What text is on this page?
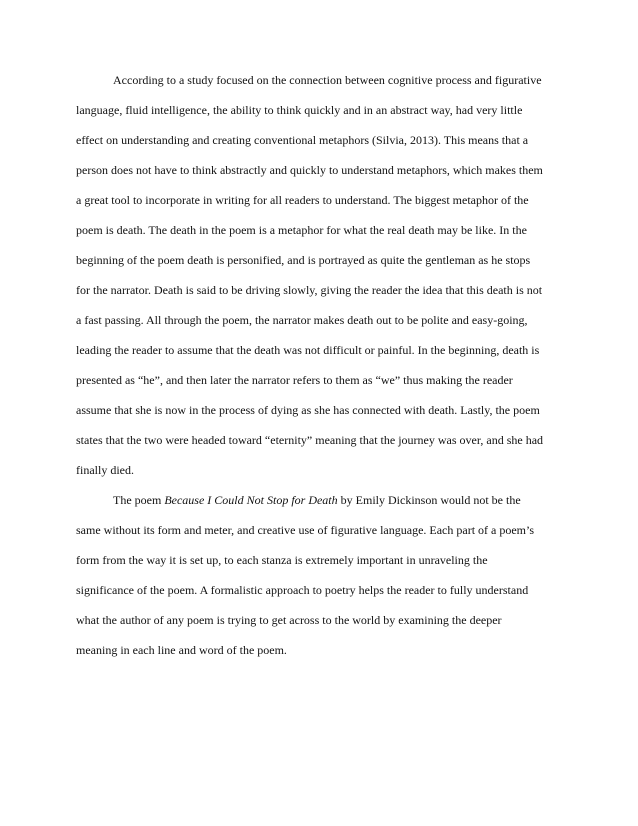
According to a study focused on the connection between cognitive process and figurative
language, fluid intelligence, the ability to think quickly and in an abstract way, had very little
effect on understanding and creating conventional metaphors (Silvia, 2013). This means that a
person does not have to think abstractly and quickly to understand metaphors, which makes them
a great tool to incorporate in writing for all readers to understand. The biggest metaphor of the
poem is death. The death in the poem is a metaphor for what the real death may be like. In the
beginning of the poem death is personified, and is portrayed as quite the gentleman as he stops
for the narrator. Death is said to be driving slowly, giving the reader the idea that this death is not
a fast passing. All through the poem, the narrator makes death out to be polite and easy-going,
leading the reader to assume that the death was not difficult or painful. In the beginning, death is
presented as “he”, and then later the narrator refers to them as “we” thus making the reader
assume that she is now in the process of dying as she has connected with death. Lastly, the poem
states that the two were headed toward “eternity” meaning that the journey was over, and she had
finally died.
The poem Because I Could Not Stop for Death by Emily Dickinson would not be the
same without its form and meter, and creative use of figurative language. Each part of a poem’s
form from the way it is set up, to each stanza is extremely important in unraveling the
significance of the poem. A formalistic approach to poetry helps the reader to fully understand
what the author of any poem is trying to get across to the world by examining the deeper
meaning in each line and word of the poem.
